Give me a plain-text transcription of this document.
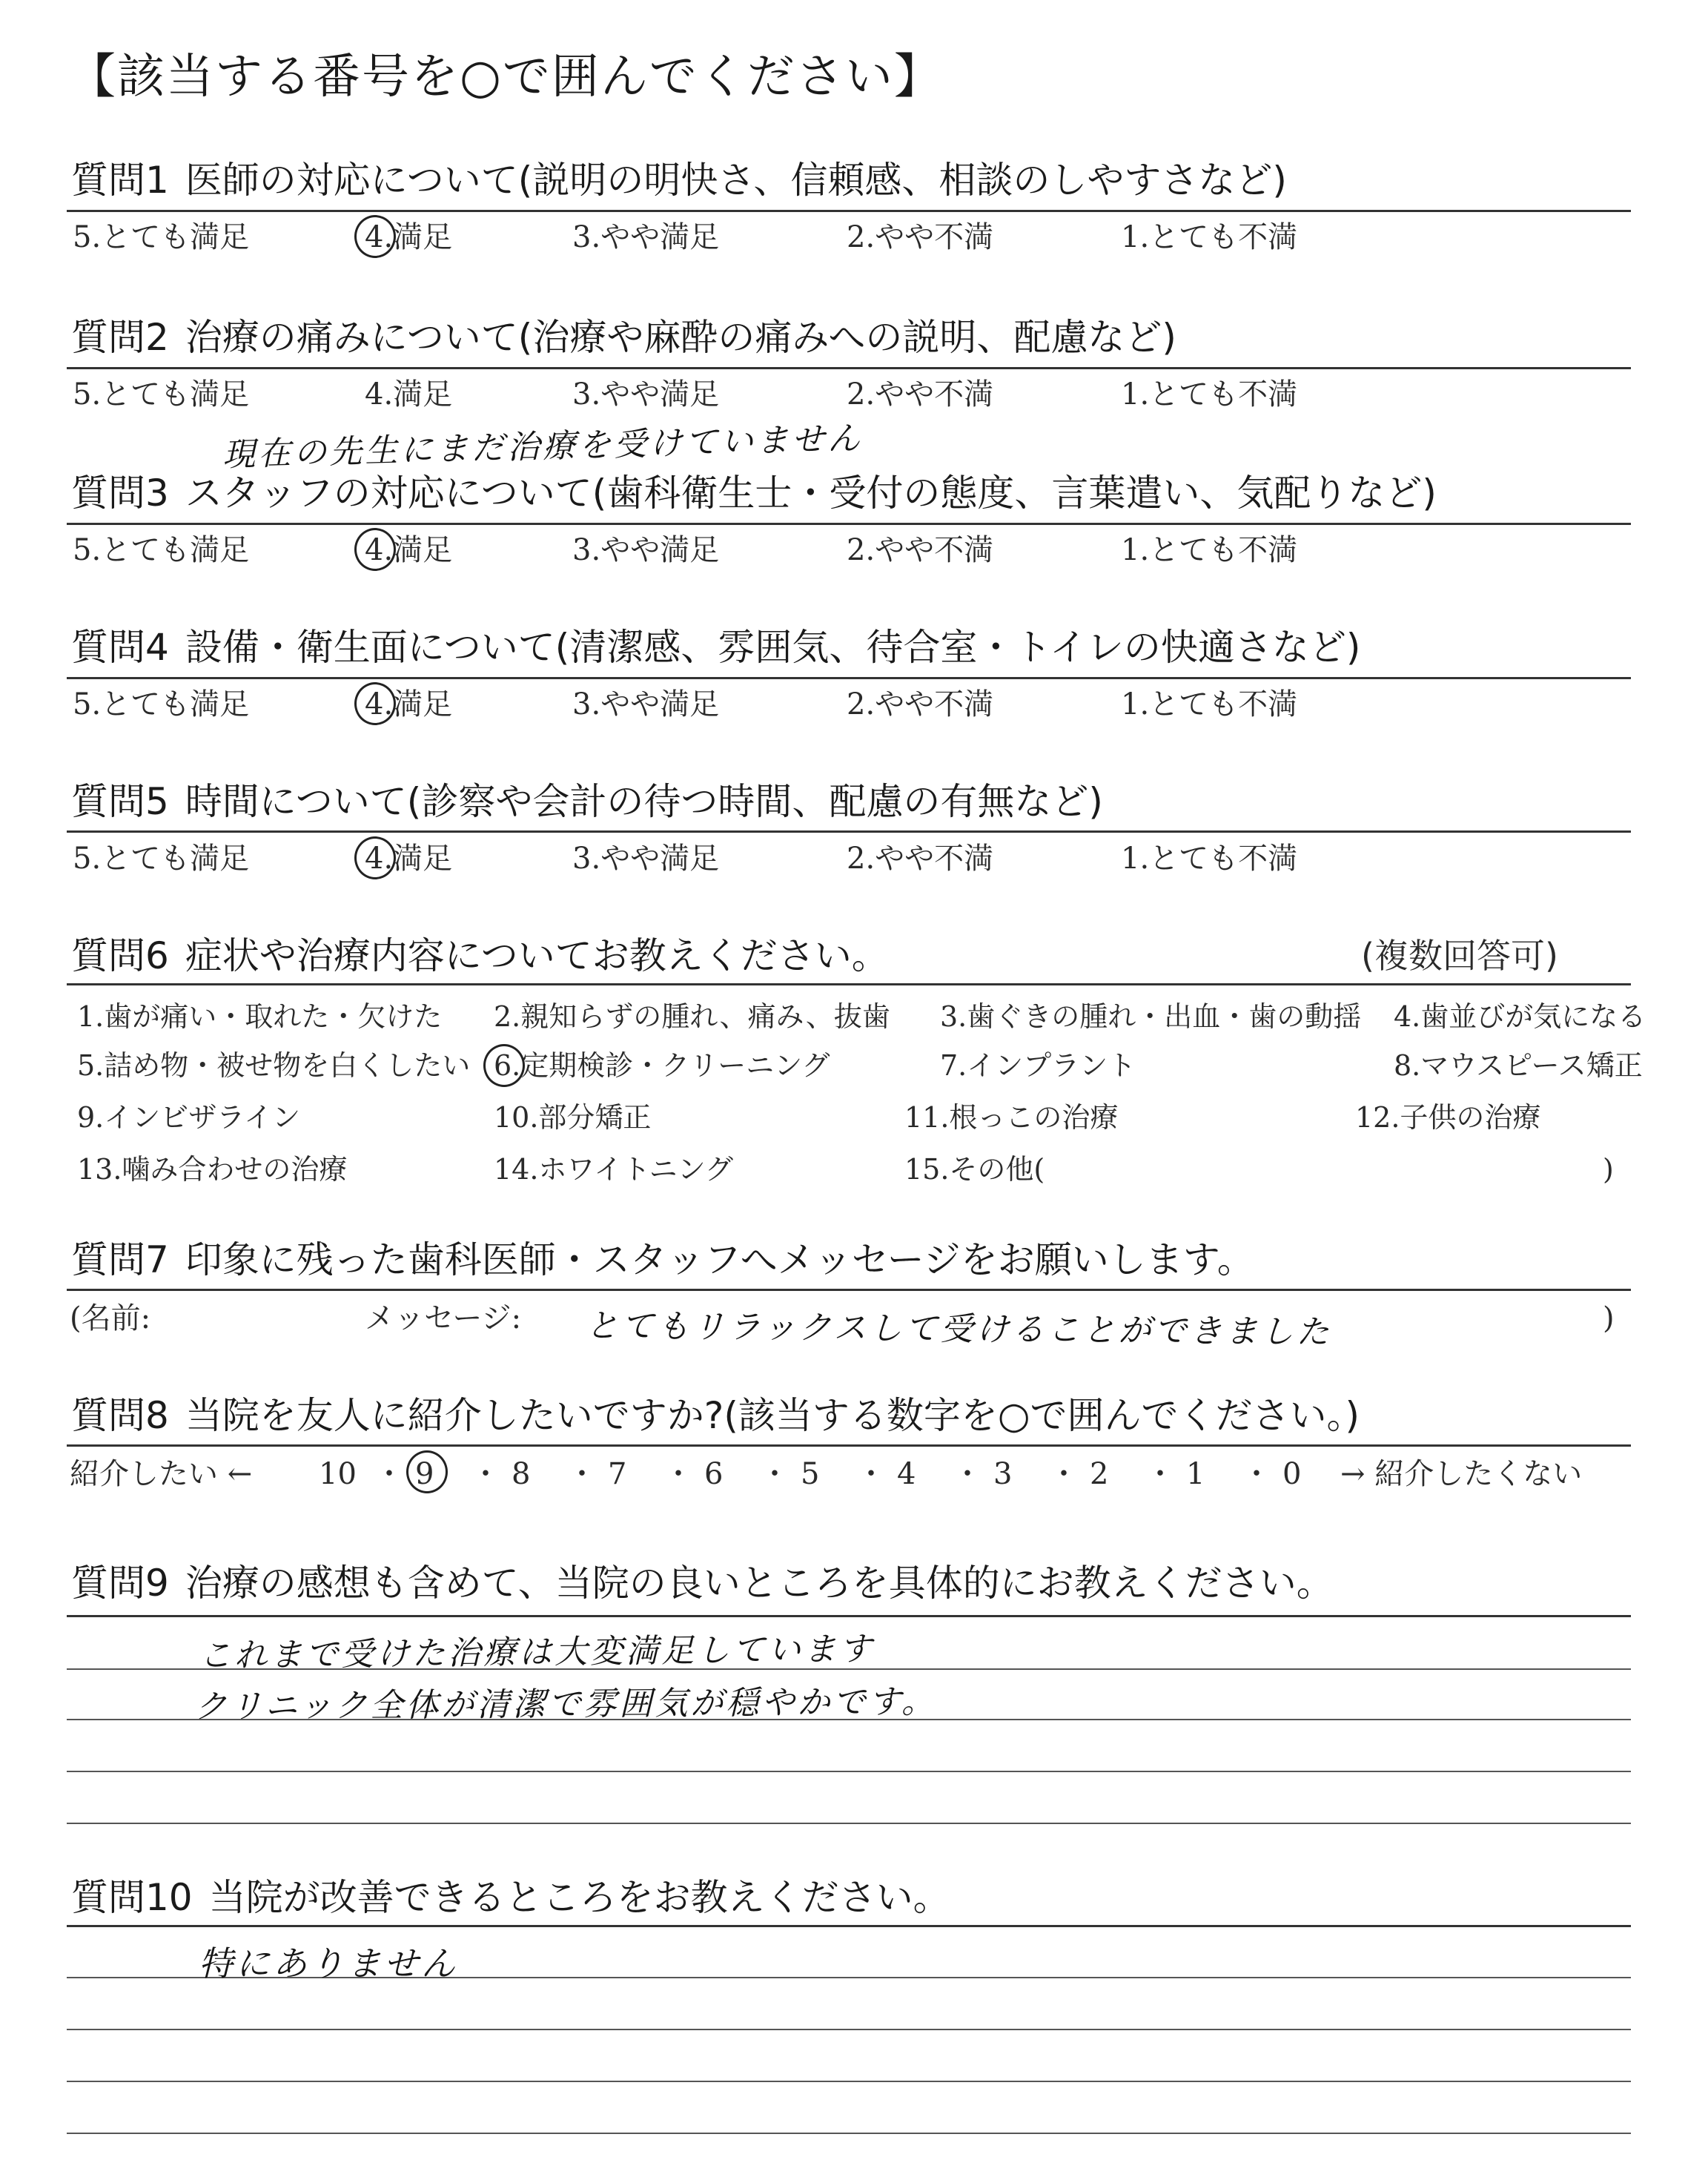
【該当する番号を○で囲んでください】
質問1 医師の対応について(説明の明快さ、信頼感、相談のしやすさなど)
5.とても満足	4.満足	3.やや満足	2.やや不満	1.とても不満
質問2 治療の痛みについて(治療や麻酔の痛みへの説明、配慮など)
5.とても満足	4.満足	3.やや満足	2.やや不満	1.とても不満
現在の先生にまだ治療を受けていません
質問3 スタッフの対応について(歯科衛生士・受付の態度、言葉遣い、気配りなど)
5.とても満足	4.満足	3.やや満足	2.やや不満	1.とても不満
質問4 設備・衛生面について(清潔感、雰囲気、待合室・トイレの快適さなど)
5.とても満足	4.満足	3.やや満足	2.やや不満	1.とても不満
質問5 時間について(診察や会計の待つ時間、配慮の有無など)
5.とても満足	4.満足	3.やや満足	2.やや不満	1.とても不満
質問6 症状や治療内容についてお教えください。	(複数回答可)
1.歯が痛い・取れた・欠けた 2.親知らずの腫れ、痛み、抜歯 3.歯ぐきの腫れ・出血・歯の動揺 4.歯並びが気になる
5.詰め物・被せ物を白くしたい 6.定期検診・クリーニング	7.インプラント	8.マウスピース矯正
9.インビザライン	10.部分矯正	11.根っこの治療	12.子供の治療
13.噛み合わせの治療	14.ホワイトニング	15.その他(	)
質問7 印象に残った歯科医師・スタッフへメッセージをお願いします。
(名前:	メッセージ: とてもリラックスして受けることができました	)
質問8 当院を友人に紹介したいですか?(該当する数字を○で囲んでください。)
紹介したい ← 10 ・ 9 ・ 8 ・ 7 ・ 6 ・ 5 ・ 4 ・ 3 ・ 2 ・ 1 ・ 0 → 紹介したくない
質問9 治療の感想も含めて、当院の良いところを具体的にお教えください。
これまで受けた治療は大変満足しています
クリニック全体が清潔で雰囲気が穏やかです。
質問10 当院が改善できるところをお教えください。
特にありません
